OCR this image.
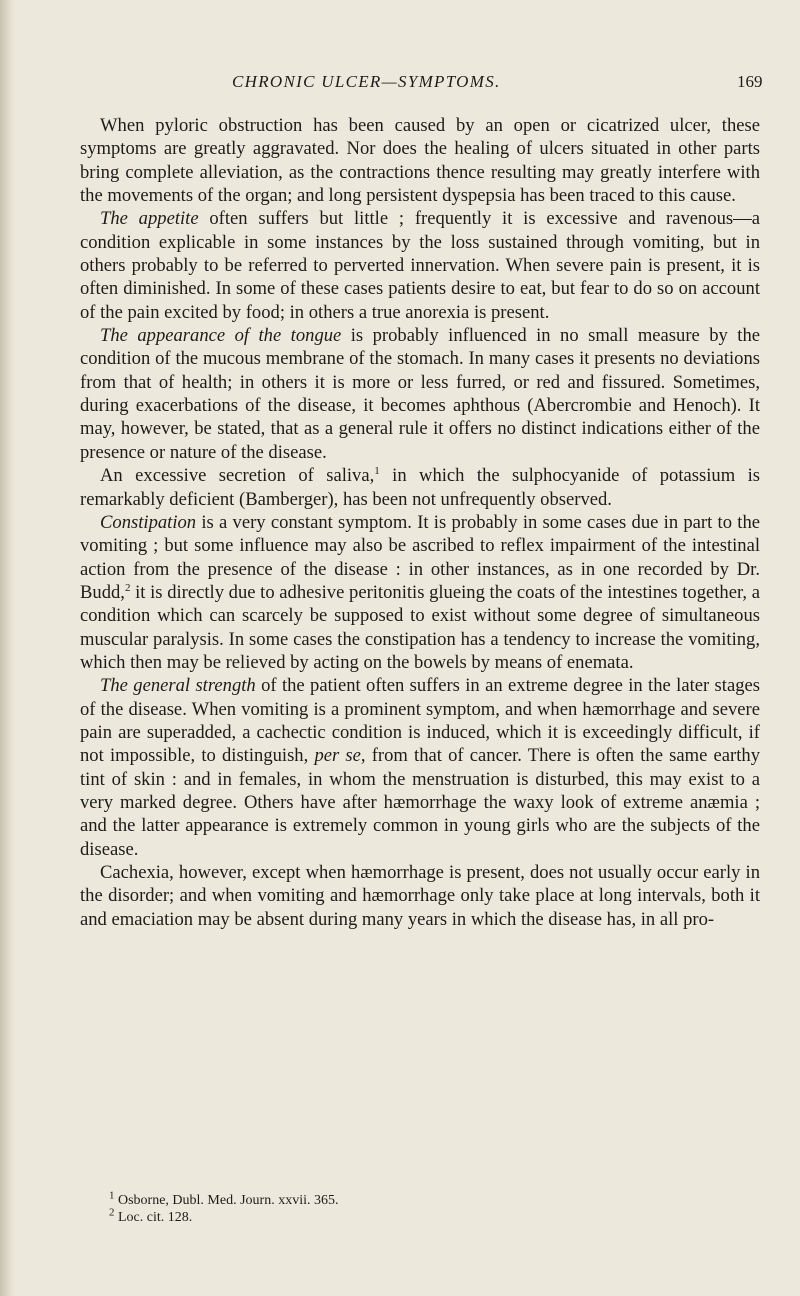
CHRONIC ULCER—SYMPTOMS.	169

When pyloric obstruction has been caused by an open or cicatrized ulcer, these symptoms are greatly aggravated. Nor does the healing of ulcers situated in other parts bring complete alleviation, as the contractions thence resulting may greatly interfere with the movements of the organ; and long persistent dyspepsia has been traced to this cause.

The appetite often suffers but little ; frequently it is excessive and ravenous—a condition explicable in some instances by the loss sustained through vomiting, but in others probably to be referred to perverted innervation. When severe pain is present, it is often diminished. In some of these cases patients desire to eat, but fear to do so on account of the pain excited by food; in others a true anorexia is present.

The appearance of the tongue is probably influenced in no small measure by the condition of the mucous membrane of the stomach. In many cases it presents no deviations from that of health; in others it is more or less furred, or red and fissured. Sometimes, during exacerbations of the disease, it becomes aphthous (Abercrombie and Henoch). It may, however, be stated, that as a general rule it offers no distinct indications either of the presence or nature of the disease.

An excessive secretion of saliva,$^1$ in which the sulphocyanide of potassium is remarkably deficient (Bamberger), has been not unfrequently observed.

Constipation is a very constant symptom. It is probably in some cases due in part to the vomiting ; but some influence may also be ascribed to reflex impairment of the intestinal action from the presence of the disease : in other instances, as in one recorded by Dr. Budd,$^2$ it is directly due to adhesive peritonitis glueing the coats of the intestines together, a condition which can scarcely be supposed to exist without some degree of simultaneous muscular paralysis. In some cases the constipation has a tendency to increase the vomiting, which then may be relieved by acting on the bowels by means of enemata.

The general strength of the patient often suffers in an extreme degree in the later stages of the disease. When vomiting is a prominent symptom, and when hæmorrhage and severe pain are superadded, a cachectic condition is induced, which it is exceedingly difficult, if not impossible, to distinguish, per se, from that of cancer. There is often the same earthy tint of skin : and in females, in whom the menstruation is disturbed, this may exist to a very marked degree. Others have after hæmorrhage the waxy look of extreme anæmia ; and the latter appearance is extremely common in young girls who are the subjects of the disease.

Cachexia, however, except when hæmorrhage is present, does not usually occur early in the disorder; and when vomiting and hæmorrhage only take place at long intervals, both it and emaciation may be absent during many years in which the disease has, in all pro-

$^1$ Osborne, Dubl. Med. Journ. xxvii. 365.

$^2$ Loc. cit. 128.
